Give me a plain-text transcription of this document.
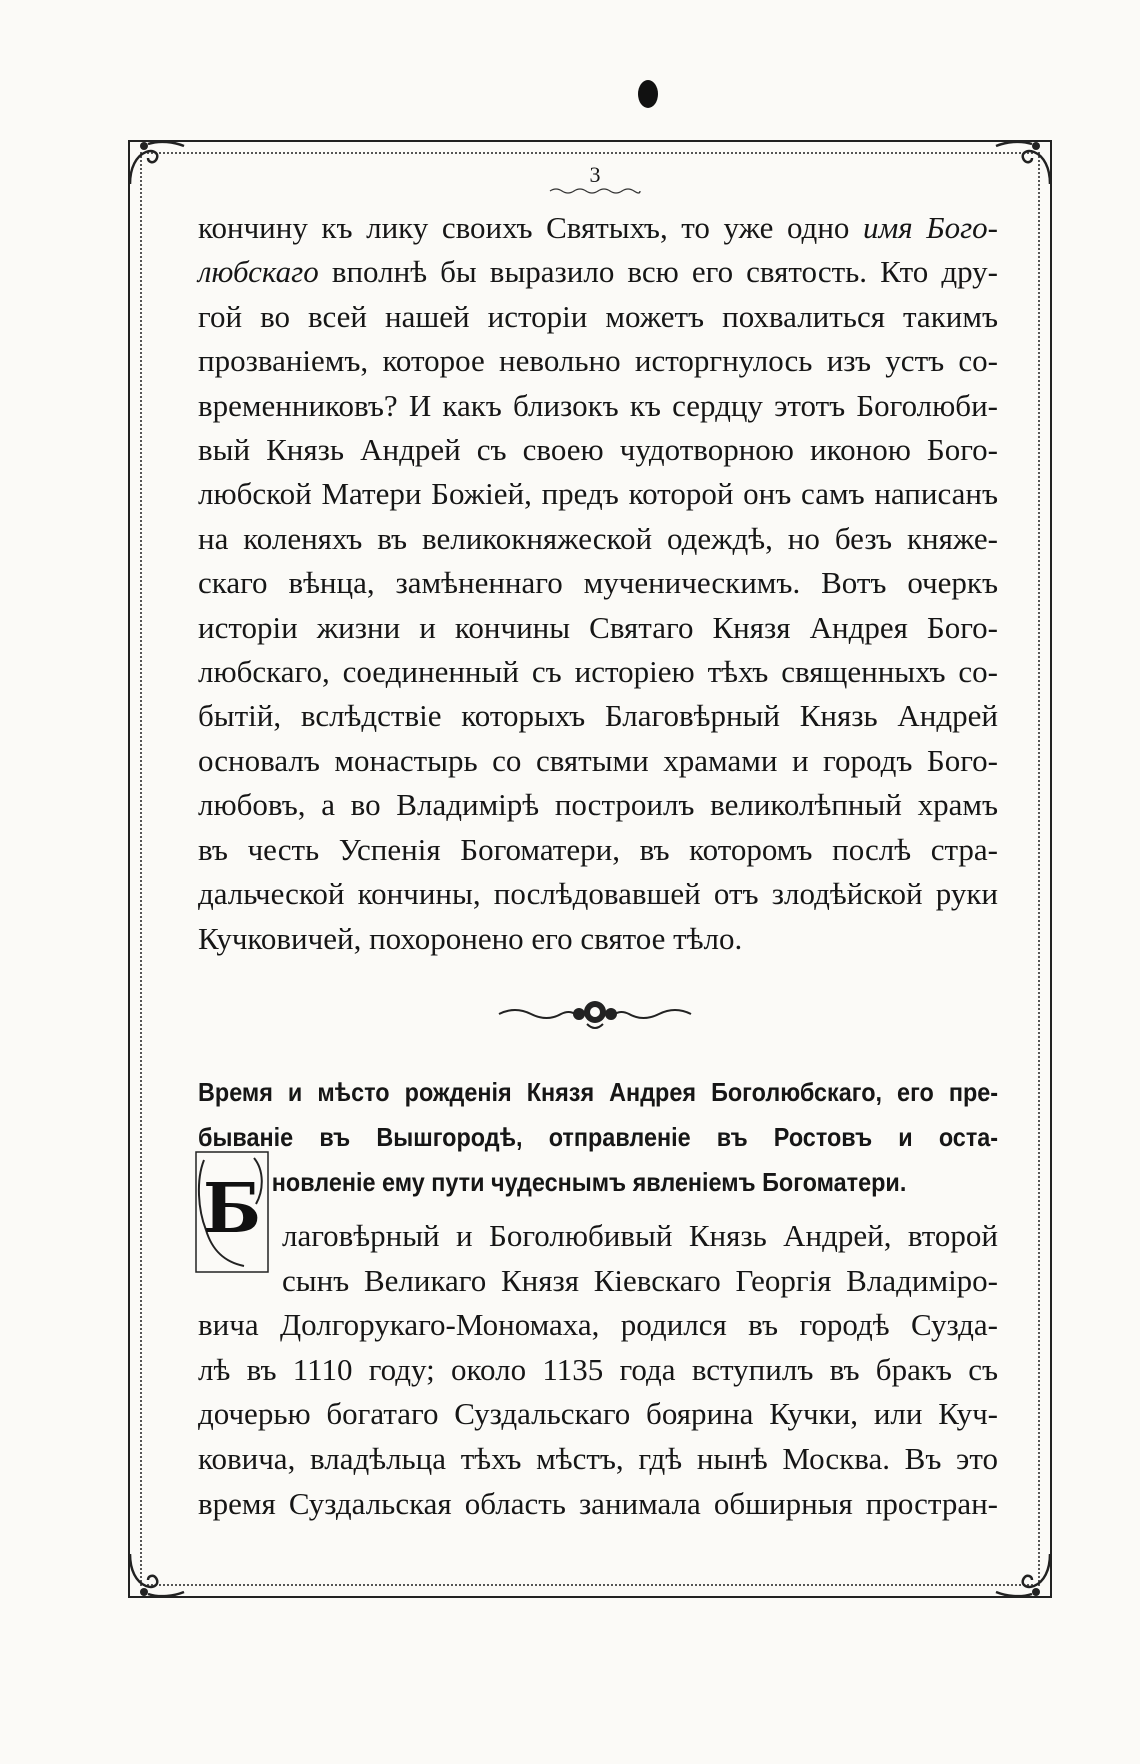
3
кончину къ лику своихъ Святыхъ, то уже одно имя Бого-
любскаго вполнѣ бы выразило всю его святость. Кто дру-
гой во всей нашей исторіи можетъ похвалиться такимъ
прозваніемъ, которое невольно исторгнулось изъ устъ со-
временниковъ? И какъ близокъ къ сердцу этотъ Боголюби-
вый Князь Андрей съ своею чудотворною иконою Бого-
любской Матери Божіей, предъ которой онъ самъ написанъ
на коленяхъ въ великокняжеской одеждѣ, но безъ княже-
скаго вѣнца, замѣненнаго мученическимъ. Вотъ очеркъ
исторіи жизни и кончины Святаго Князя Андрея Бого-
любскаго, соединенный съ исторіею тѣхъ священныхъ со-
бытій, вслѣдствіе которыхъ Благовѣрный Князь Андрей
основалъ монастырь со святыми храмами и городъ Бого-
любовъ, а во Владимірѣ построилъ великолѣпный храмъ
въ честь Успенія Богоматери, въ которомъ послѣ стра-
дальческой кончины, послѣдовавшей отъ злодѣйской руки
Кучковичей, похоронено его святое тѣло.
Время и мѣсто рожденія Князя Андрея Боголюбскаго, его пре-
быванiе въ Вышгородѣ, отправленiе въ Ростовъ и оста-
новленіе ему пути чудеснымъ явленіемъ Богоматери.
Б лаговѣрный и Боголюбивый Князь Андрей, второй
сынъ Великаго Князя Кіевскаго Георгія Владиміро-
вича Долгорукаго-Мономаха, родился въ городѣ Сузда-
лѣ въ 1110 году; около 1135 года вступилъ въ бракъ съ
дочерью богатаго Суздальскаго боярина Кучки, или Куч-
ковича, владѣльца тѣхъ мѣстъ, гдѣ нынѣ Москва. Въ это
время Суздальская область занимала обширныя простран-
